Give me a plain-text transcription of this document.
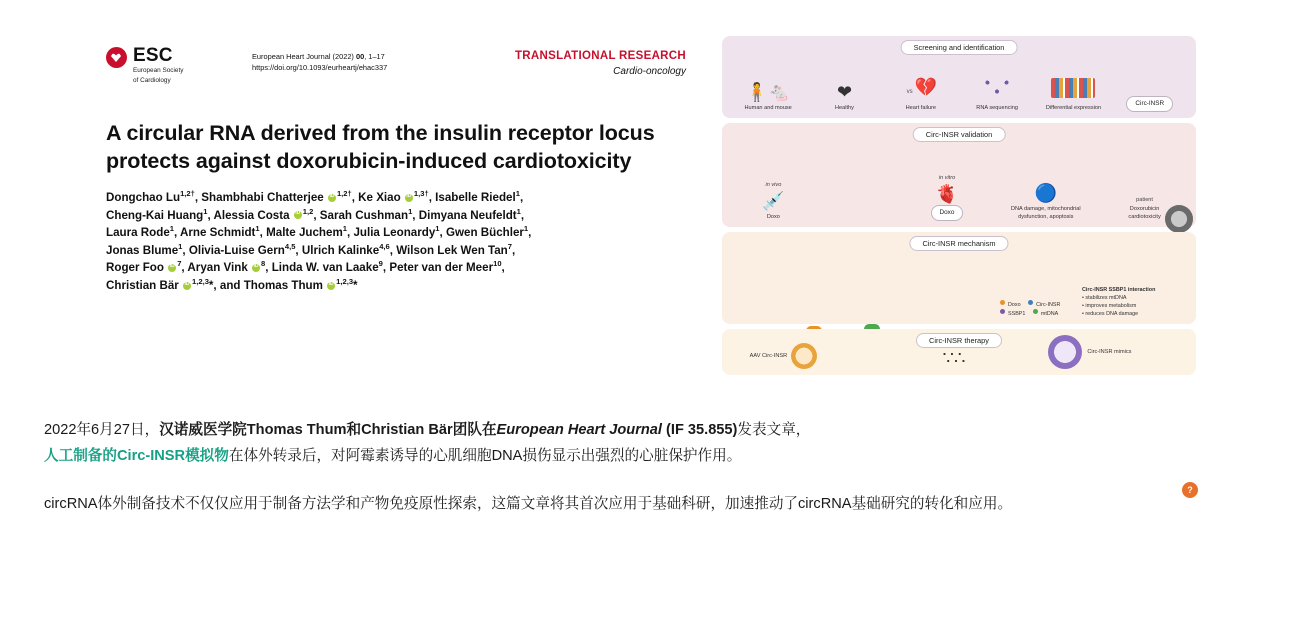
ESC
European Society
of Cardiology
European Heart Journal (2022) 00, 1–17
https://doi.org/10.1093/eurheartj/ehac337
TRANSLATIONAL RESEARCH
Cardio-oncology
A circular RNA derived from the insulin receptor locus protects against doxorubicin-induced cardiotoxicity
Dongchao $Lu^{1,2\dagger}$, Shambhabi Chatterjee $iD^{1,2\dagger}$, Ke Xiao $iD^{1,3\dagger}$, Isabelle Riedel$^1$,
Cheng-Kai Huang$^1$, Alessia Costa iD$^{1,2}$, Sarah Cushman$^1$, Dimyana Neufeldt$^1$,
Laura Rode$^1$, Arne Schmidt$^1$, Malte Juchem$^1$, Julia Leonardy$^1$, Gwen Büchler$^1$,
Jonas Blume$^1$, Olivia-Luise Gern$^{4,5}$, Ulrich Kalinke$^{4,6}$, Wilson Lek Wen Tan$^7$,
Roger Foo $iD^7$, Aryan Vink $iD^8$, Linda W. van Laake$^9$, Peter van der Meer$^{10}$,
Christian Bär iD$^{1,2,3}$*, and Thomas Thum iD$^{1,2,3}$*
Screening and identification
🧍🐁
Human and mouse
❤
Healthy
vs 💔
Heart failure	RNA sequencing	Differential expression
Circ-INSR
Circ-INSR validation
in vivo
💉
Doxo
in vitro
🫀
Doxo
🔵
DNA damage, mitochondrial dysfunction, apoptosis
patient
Doxorubicin cardiotoxicity
Circ-INSR mechanism
Doxo	Circ-INSR
SSBP1	mtDNA
Circ-INSR SSBP1 interaction
• stabilizes mtDNA
• improves metabolism
• reduces DNA damage
?
Circ-INSR therapy
AAV Circ-INSR	∵∴	Circ-INSR mimics
2022年6月27日，汉诺威医学院Thomas Thum和Christian Bär团队在European Heart Journal (IF 35.855)发表文章，
人工制备的Circ-INSR模拟物在体外转录后，对阿霉素诱导的心肌细胞DNA损伤显示出强烈的心脏保护作用。
circRNA体外制备技术不仅仅应用于制备方法学和产物免疫原性探索，这篇文章将其首次应用于基础科研，加速推动了circRNA基础研究的转化和应用。
